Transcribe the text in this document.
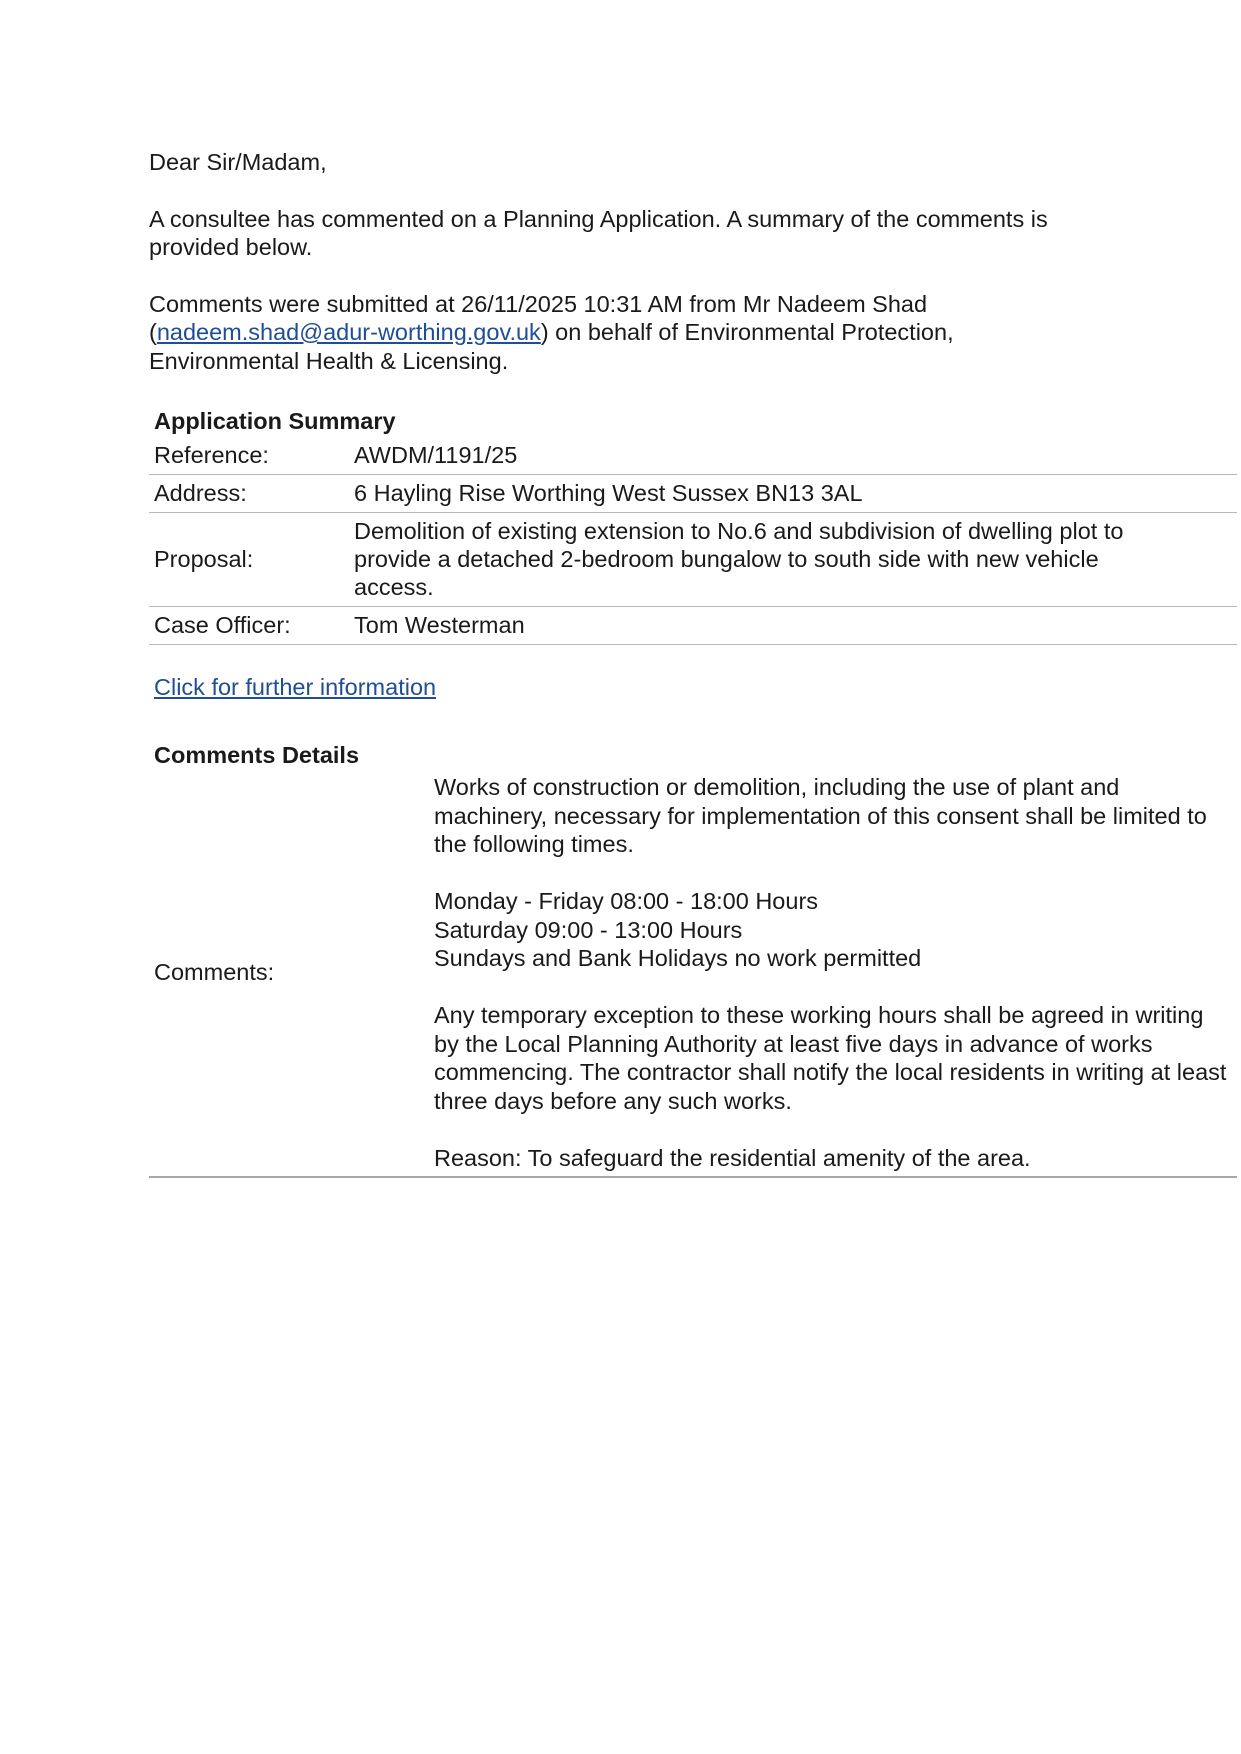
Dear Sir/Madam,

A consultee has commented on a Planning Application. A summary of the comments is provided below.

Comments were submitted at 26/11/2025 10:31 AM from Mr Nadeem Shad (nadeem.shad@adur-worthing.gov.uk) on behalf of Environmental Protection, Environmental Health & Licensing.

Application Summary
Reference:	AWDM/1191/25
Address:	6 Hayling Rise Worthing West Sussex BN13 3AL
Proposal:	Demolition of existing extension to No.6 and subdivision of dwelling plot to provide a detached 2-bedroom bungalow to south side with new vehicle access.
Case Officer:	Tom Westerman
Click for further information
Comments Details
Comments:	
Works of construction or demolition, including the use of plant and machinery, necessary for implementation of this consent shall be limited to the following times.
Monday - Friday 08:00 - 18:00 Hours
Saturday 09:00 - 13:00 Hours
Sundays and Bank Holidays no work permitted
Any temporary exception to these working hours shall be agreed in writing by the Local Planning Authority at least five days in advance of works commencing. The contractor shall notify the local residents in writing at least three days before any such works.
Reason: To safeguard the residential amenity of the area.
